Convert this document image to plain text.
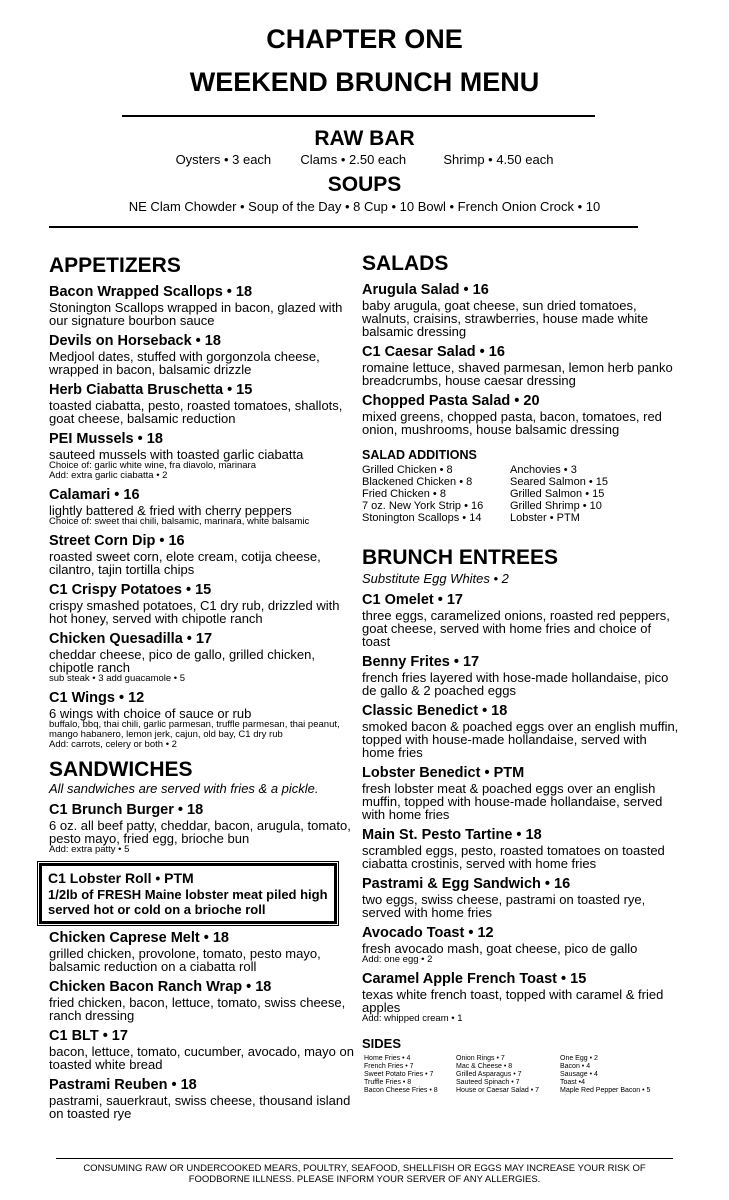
CHAPTER ONE
WEEKEND BRUNCH MENU
RAW BAR
Oysters • 3 each Clams • 2.50 each	Shrimp • 4.50 each
SOUPS
NE Clam Chowder • Soup of the Day • 8 Cup • 10 Bowl • French Onion Crock • 10
APPETIZERS
Bacon Wrapped Scallops • 18
Stonington Scallops wrapped in bacon, glazed with our signature bourbon sauce
Devils on Horseback • 18
Medjool dates, stuffed with gorgonzola cheese, wrapped in bacon, balsamic drizzle
Herb Ciabatta Bruschetta • 15
toasted ciabatta, pesto, roasted tomatoes, shallots, goat cheese, balsamic reduction
PEI Mussels • 18
sauteed mussels with toasted garlic ciabatta
Choice of: garlic white wine, fra diavolo, marinara
Add: extra garlic ciabatta • 2
Calamari • 16
lightly battered & fried with cherry peppers
Choice of: sweet thai chili, balsamic, marinara, white balsamic
Street Corn Dip • 16
roasted sweet corn, elote cream, cotija cheese, cilantro, tajin tortilla chips
C1 Crispy Potatoes • 15
crispy smashed potatoes, C1 dry rub, drizzled with hot honey, served with chipotle ranch
Chicken Quesadilla • 17
cheddar cheese, pico de gallo, grilled chicken, chipotle ranch
sub steak • 3 add guacamole • 5
C1 Wings • 12
6 wings with choice of sauce or rub
buffalo, bbq, thai chili, garlic parmesan, truffle parmesan, thai peanut, mango habanero, lemon jerk, cajun, old bay, C1 dry rub
Add: carrots, celery or both • 2
SANDWICHES
All sandwiches are served with fries & a pickle.
C1 Brunch Burger • 18
6 oz. all beef patty, cheddar, bacon, arugula, tomato, pesto mayo, fried egg, brioche bun
Add: extra patty • 5
C1 Lobster Roll • PTM
1/2lb of FRESH Maine lobster meat piled high served hot or cold on a brioche roll
Chicken Caprese Melt • 18
grilled chicken, provolone, tomato, pesto mayo, balsamic reduction on a ciabatta roll
Chicken Bacon Ranch Wrap • 18
fried chicken, bacon, lettuce, tomato, swiss cheese, ranch dressing
C1 BLT • 17
bacon, lettuce, tomato, cucumber, avocado, mayo on toasted white bread
Pastrami Reuben • 18
pastrami, sauerkraut, swiss cheese, thousand island on toasted rye
SALADS
Arugula Salad • 16
baby arugula, goat cheese, sun dried tomatoes, walnuts, craisins, strawberries, house made white balsamic dressing
C1 Caesar Salad • 16
romaine lettuce, shaved parmesan, lemon herb panko breadcrumbs, house caesar dressing
Chopped Pasta Salad • 20
mixed greens, chopped pasta, bacon, tomatoes, red onion, mushrooms, house balsamic dressing
SALAD ADDITIONS
Grilled Chicken • 8
Blackened Chicken • 8
Fried Chicken • 8
7 oz. New York Strip • 16
Stonington Scallops • 14
Anchovies • 3
Seared Salmon • 15
Grilled Salmon • 15
Grilled Shrimp • 10
Lobster • PTM
BRUNCH ENTREES
Substitute Egg Whites • 2
C1 Omelet • 17
three eggs, caramelized onions, roasted red peppers, goat cheese, served with home fries and choice of toast
Benny Frites • 17
french fries layered with hose-made hollandaise, pico de gallo & 2 poached eggs
Classic Benedict • 18
smoked bacon & poached eggs over an english muffin, topped with house-made hollandaise, served with home fries
Lobster Benedict • PTM
fresh lobster meat & poached eggs over an english muffin, topped with house-made hollandaise, served with home fries
Main St. Pesto Tartine • 18
scrambled eggs, pesto, roasted tomatoes on toasted ciabatta crostinis, served with home fries
Pastrami & Egg Sandwich • 16
two eggs, swiss cheese, pastrami on toasted rye, served with home fries
Avocado Toast • 12
fresh avocado mash, goat cheese, pico de gallo
Add: one egg • 2
Caramel Apple French Toast • 15
texas white french toast, topped with caramel & fried apples
Add: whipped cream • 1
SIDES
Home Fries • 4
French Fries • 7
Sweet Potato Fries • 7
Truffle Fries • 8
Bacon Cheese Fries • 8
Onion Rings • 7
Mac & Cheese • 8
Grilled Asparagus • 7
Sauteed Spinach • 7
House or Caesar Salad • 7
One Egg • 2
Bacon • 4
Sausage • 4
Toast •4
Maple Red Pepper Bacon • 5
CONSUMING RAW OR UNDERCOOKED MEARS, POULTRY, SEAFOOD, SHELLFISH OR EGGS MAY INCREASE YOUR RISK OF
FOODBORNE ILLNESS. PLEASE INFORM YOUR SERVER OF ANY ALLERGIES.
